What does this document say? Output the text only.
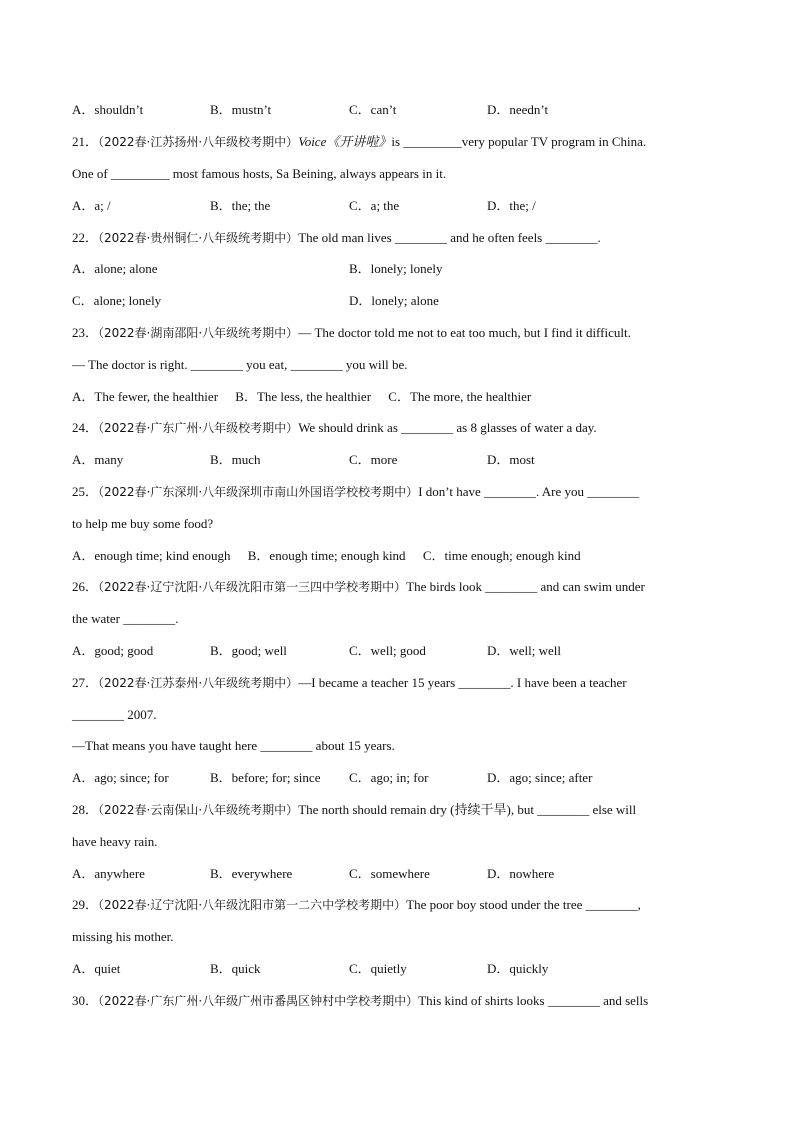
A．shouldn’t	B．mustn’t	C．can’t	D．needn’t
21．（2022春·江苏扬州·八年级校考期中）Voice《开讲啦》is _________very popular TV program in China.
One of _________ most famous hosts, Sa Beining, always appears in it.
A．a; /	B．the; the	C．a; the	D．the; /
22．（2022春·贵州铜仁·八年级统考期中）The old man lives ________ and he often feels ________.
A．alone; alone	B．lonely; lonely
C．alone; lonely	D．lonely; alone
23．（2022春·湖南邵阳·八年级统考期中）— The doctor told me not to eat too much, but I find it difficult.
— The doctor is right. ________ you eat, ________ you will be.
A．The fewer, the healthier B．The less, the healthier C．The more, the healthier
24．（2022春·广东广州·八年级校考期中）We should drink as ________ as 8 glasses of water a day.
A．many	B．much	C．more	D．most
25．（2022春·广东深圳·八年级深圳市南山外国语学校校考期中）I don’t have ________. Are you ________
to help me buy some food?
A．enough time; kind enough B．enough time; enough kind C．time enough; enough kind
26．（2022春·辽宁沈阳·八年级沈阳市第一三四中学校考期中）The birds look ________ and can swim under
the water ________.
A．good; good	B．good; well	C．well; good	D．well; well
27．（2022春·江苏泰州·八年级统考期中）—I became a teacher 15 years ________. I have been a teacher
________ 2007.
—That means you have taught here ________ about 15 years.
A．ago; since; for	B．before; for; since C．ago; in; for	D．ago; since; after
28．（2022春·云南保山·八年级统考期中）The north should remain dry (持续干旱), but ________ else will
have heavy rain.
A．anywhere	B．everywhere	C．somewhere	D．nowhere
29．（2022春·辽宁沈阳·八年级沈阳市第一二六中学校考期中）The poor boy stood under the tree ________,
missing his mother.
A．quiet	B．quick	C．quietly	D．quickly
30．（2022春·广东广州·八年级广州市番禺区钟村中学校考期中）This kind of shirts looks ________ and sells
